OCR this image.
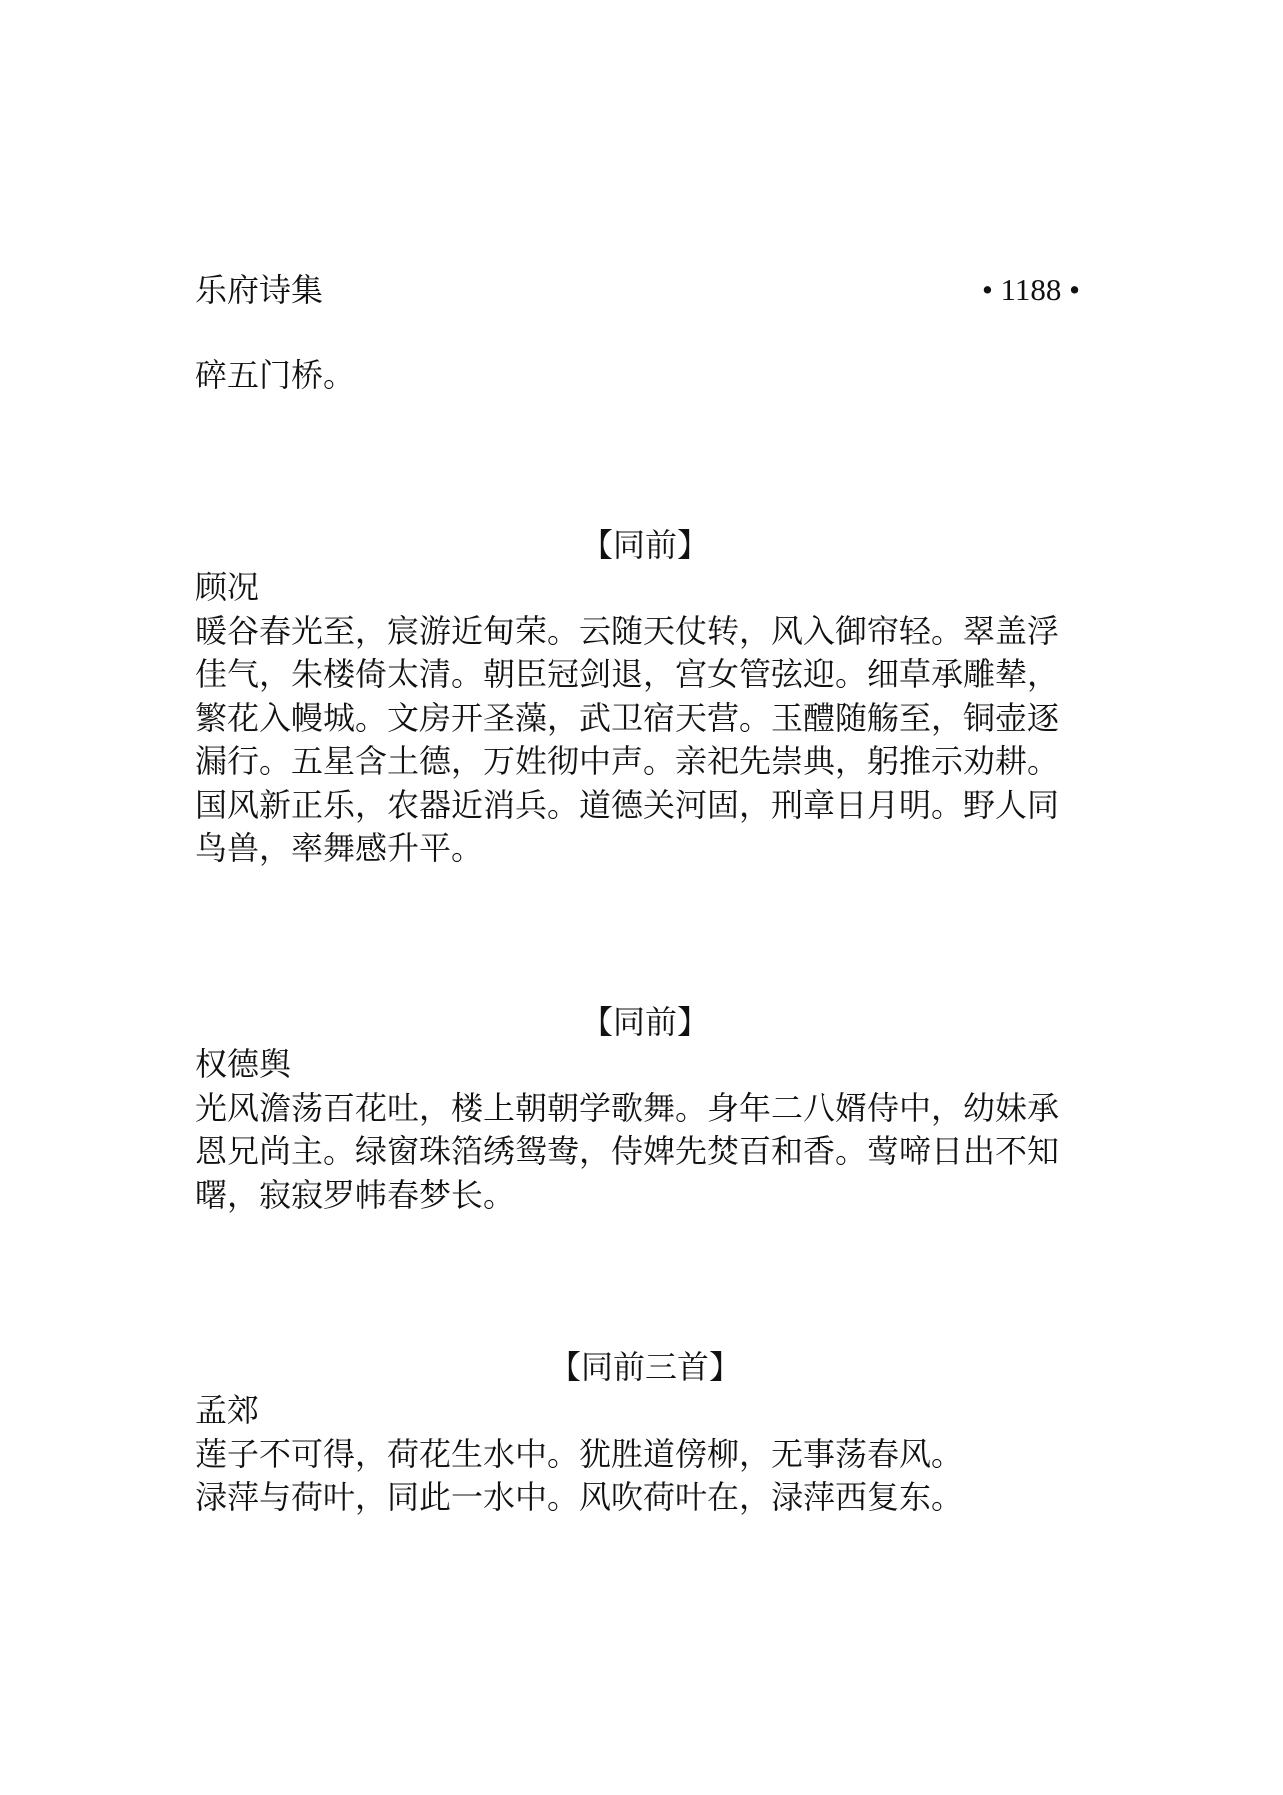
乐府诗集	• 1188 •
碎五门桥。
【同前】
顾况
暖谷春光至，宸游近甸荣。云随天仗转，风入御帘轻。翠盖浮
佳气，朱楼倚太清。朝臣冠剑退，宫女管弦迎。细草承雕辇，
繁花入幔城。文房开圣藻，武卫宿天营。玉醴随觞至，铜壶逐
漏行。五星含土德，万姓彻中声。亲祀先崇典，躬推示劝耕。
国风新正乐，农器近消兵。道德关河固，刑章日月明。野人同
鸟兽，率舞感升平。
【同前】
权德舆
光风澹荡百花吐，楼上朝朝学歌舞。身年二八婿侍中，幼妹承
恩兄尚主。绿窗珠箔绣鸳鸯，侍婢先焚百和香。莺啼日出不知
曙，寂寂罗帏春梦长。
【同前三首】
孟郊
莲子不可得，荷花生水中。犹胜道傍柳，无事荡春风。
渌萍与荷叶，同此一水中。风吹荷叶在，渌萍西复东。
